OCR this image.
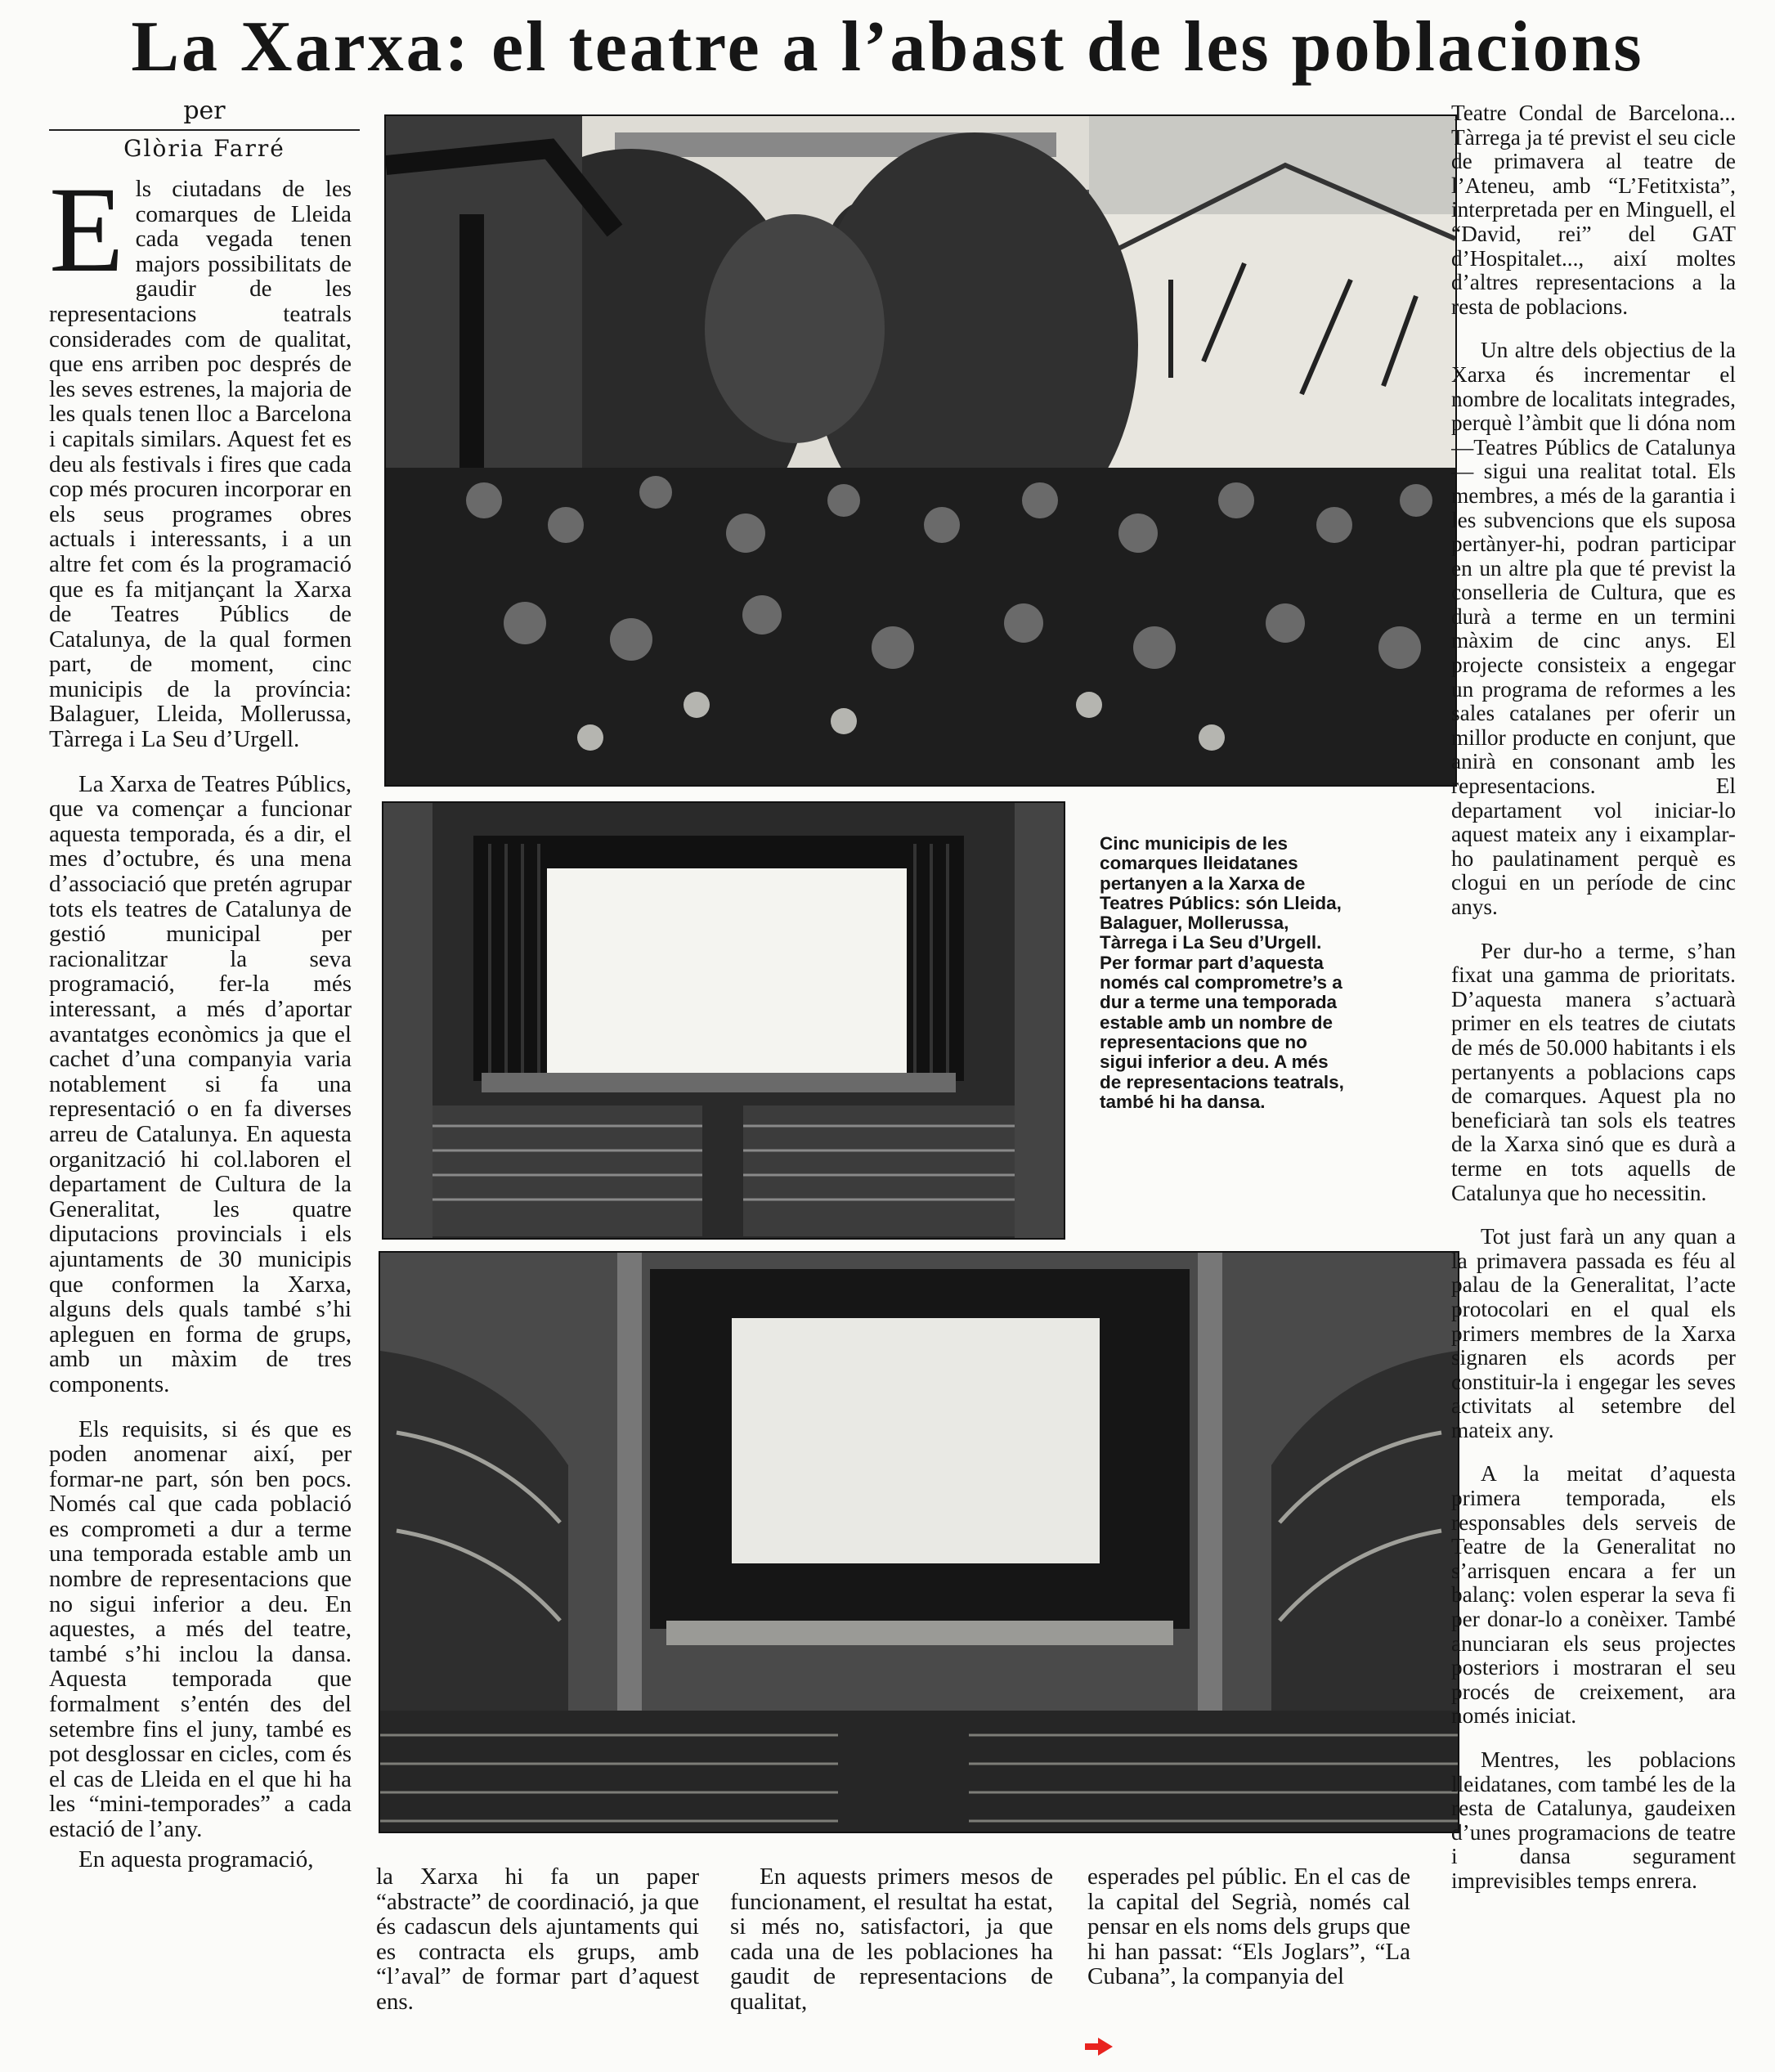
La Xarxa: el teatre a l’abast de les poblacions
per
Glòria Farré

Els ciutadans de les comarques de Lleida cada vegada tenen majors possibilitats de gaudir de les representacions teatrals considerades com de qualitat, que ens arriben poc després de les seves estrenes, la majoria de les quals tenen lloc a Barcelona i capitals similars. Aquest fet es deu als festivals i fires que cada cop més procuren incorporar en els seus programes obres actuals i interessants, i a un altre fet com és la programació que es fa mitjançant la Xarxa de Teatres Públics de Catalunya, de la qual formen part, de moment, cinc municipis de la província: Balaguer, Lleida, Mollerussa, Tàrrega i La Seu d’Urgell.

La Xarxa de Teatres Públics, que va començar a funcionar aquesta temporada, és a dir, el mes d’octubre, és una mena d’associació que pretén agrupar tots els teatres de Catalunya de gestió municipal per racionalitzar la seva programació, fer-la més interessant, a més d’aportar avantatges econòmics ja que el cachet d’una companyia varia notablement si fa una representació o en fa diverses arreu de Catalunya. En aquesta organització hi col.laboren el departament de Cultura de la Generalitat, les quatre diputacions provincials i els ajuntaments de 30 municipis que conformen la Xarxa, alguns dels quals també s’hi apleguen en forma de grups, amb un màxim de tres components.

Els requisits, si és que es poden anomenar així, per formar-ne part, són ben pocs. Només cal que cada població es comprometi a dur a terme una temporada estable amb un nombre de representacions que no sigui inferior a deu. En aquestes, a més del teatre, també s’hi inclou la dansa. Aquesta temporada que formalment s’entén des del setembre fins el juny, també es pot desglossar en cicles, com és el cas de Lleida en el que hi ha les “mini-temporades” a cada estació de l’any.

En aquesta programació,

Cinc municipis de les comarques lleidatanes pertanyen a la Xarxa de Teatres Públics: són Lleida, Balaguer, Mollerussa, Tàrrega i La Seu d’Urgell. Per formar part d’aquesta només cal comprometre’s a dur a terme una temporada estable amb un nombre de representacions que no sigui inferior a deu. A més de representacions teatrals, també hi ha dansa.

la Xarxa hi fa un paper “abstracte” de coordinació, ja que és cadascun dels ajuntaments qui es contracta els grups, amb “l’aval” de formar part d’aquest ens.

En aquests primers mesos de funcionament, el resultat ha estat, si més no, satisfactori, ja que cada una de les poblaciones ha gaudit de representacions de qualitat,

esperades pel públic. En el cas de la capital del Segrià, només cal pensar en els noms dels grups que hi han passat: “Els Joglars”, “La Cubana”, la companyia del

Teatre Condal de Barcelona... Tàrrega ja té previst el seu cicle de primavera al teatre de l’Ateneu, amb “L’Fetitxista”, interpretada per en Minguell, el “David, rei” del GAT d’Hospitalet..., així moltes d’altres representacions a la resta de poblacions.

Un altre dels objectius de la Xarxa és incrementar el nombre de localitats integrades, perquè l’àmbit que li dóna nom —Teatres Públics de Catalunya— sigui una realitat total. Els membres, a més de la garantia i les subvencions que els suposa pertànyer-hi, podran participar en un altre pla que té previst la conselleria de Cultura, que es durà a terme en un termini màxim de cinc anys. El projecte consisteix a engegar un programa de reformes a les sales catalanes per oferir un millor producte en conjunt, que anirà en consonant amb les representacions. El departament vol iniciar-lo aquest mateix any i eixamplar-ho paulatinament perquè es clogui en un període de cinc anys.

Per dur-ho a terme, s’han fixat una gamma de prioritats. D’aquesta manera s’actuarà primer en els teatres de ciutats de més de 50.000 habitants i els pertanyents a poblacions caps de comarques. Aquest pla no beneficiarà tan sols els teatres de la Xarxa sinó que es durà a terme en tots aquells de Catalunya que ho necessitin.

Tot just farà un any quan a la primavera passada es féu al palau de la Generalitat, l’acte protocolari en el qual els primers membres de la Xarxa signaren els acords per constituir-la i engegar les seves activitats al setembre del mateix any.

A la meitat d’aquesta primera temporada, els responsables dels serveis de Teatre de la Generalitat no s’arrisquen encara a fer un balanç: volen esperar la seva fi per donar-lo a conèixer. També anunciaran els seus projectes posteriors i mostraran el seu procés de creixement, ara només iniciat.

Mentres, les poblacions lleidatanes, com també les de la resta de Catalunya, gaudeixen d’unes programacions de teatre i dansa segurament imprevisibles temps enrera.
